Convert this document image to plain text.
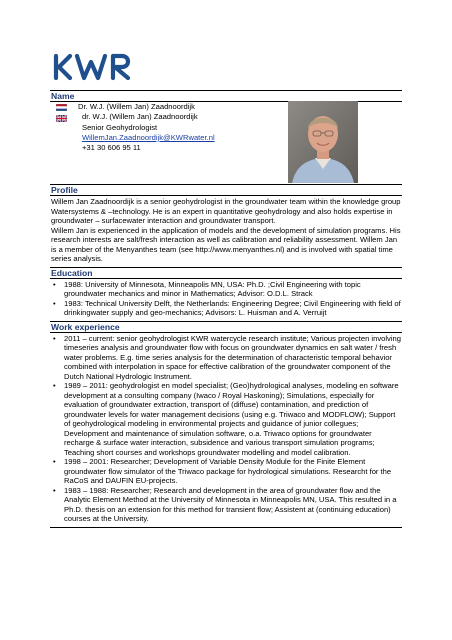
Name
Dr. W.J. (Willem Jan) Zaadnoordijk
dr. W.J. (Willem Jan) Zaadnoordijk
Senior Geohydrologist
WillemJan.Zaadnoordijk@KWRwater.nl
+31 30 606 95 11
Profile
Willem Jan Zaadnoordijk is a senior geohydrologist in the groundwater team within the knowledge group Watersystems & –technology. He is an expert in quantitative geohydrology and also holds expertise in groundwater – surfacewater interaction and groundwater transport.
Willem Jan is experienced in the application of models and the development of simulation programs. His research interests are salt/fresh interaction as well as calibration and reliability assessment. Willem Jan is a member of the Menyanthes team (see http://www.menyanthes.nl) and is involved with spatial time series analysis.
Education
• 1988: University of Minnesota, Minneapolis MN, USA: Ph.D. ;Civil Engineering with topic groundwater mechanics and minor in Mathematics; Advisor: O.D.L. Strack
• 1983: Technical University Delft, the Netherlands: Engineering Degree; Civil Engineering with field of drinkingwater supply and geo-mechanics; Advisors: L. Huisman and A. Verruijt
Work experience
• 2011 – current: senior geohydrologist KWR watercycle research institute; Various projecten involving timeseries analysis and groundwater flow with focus on groundwater dynamics en salt water / fresh water problems. E.g. time series analysis for the determination of characteristic temporal behavior combined with interpolation in space for effective calibration of the groundwater component of the Dutch National Hydrologic Instrument.
• 1989 – 2011: geohydrologist en model specialist; (Geo)hydrological analyses, modeling en software development at a consulting company (Iwaco / Royal Haskoning); Simulations, especially for evaluation of groundwater extraction, transport of (diffuse) contamination, and prediction of groundwater levels for water management decisions (using e.g. Triwaco and MODFLOW); Support of geohydrological modeling in environmental projects and guidance of junior collegues; Development and maintenance of simulation software, o.a. Triwaco options for groundwater recharge & surface water interaction, subsidence and various transport simulation programs; Teaching short courses and workshops groundwater modelling and model calibration.
• 1998 – 2001: Researcher; Development of Variable Density Module for the Finite Element groundwater flow simulator of the Triwaco package for hydrological simulations. Researcht for the RaCoS and DAUFIN EU-projects.
• 1983 – 1988: Researcher; Research and development in the area of groundwater flow and the Analytic Element Method at the University of Minnesota in Minneapolis MN, USA. This resulted in a Ph.D. thesis on an extension for this method for transient flow; Assistent at (continuing education) courses at the University.
